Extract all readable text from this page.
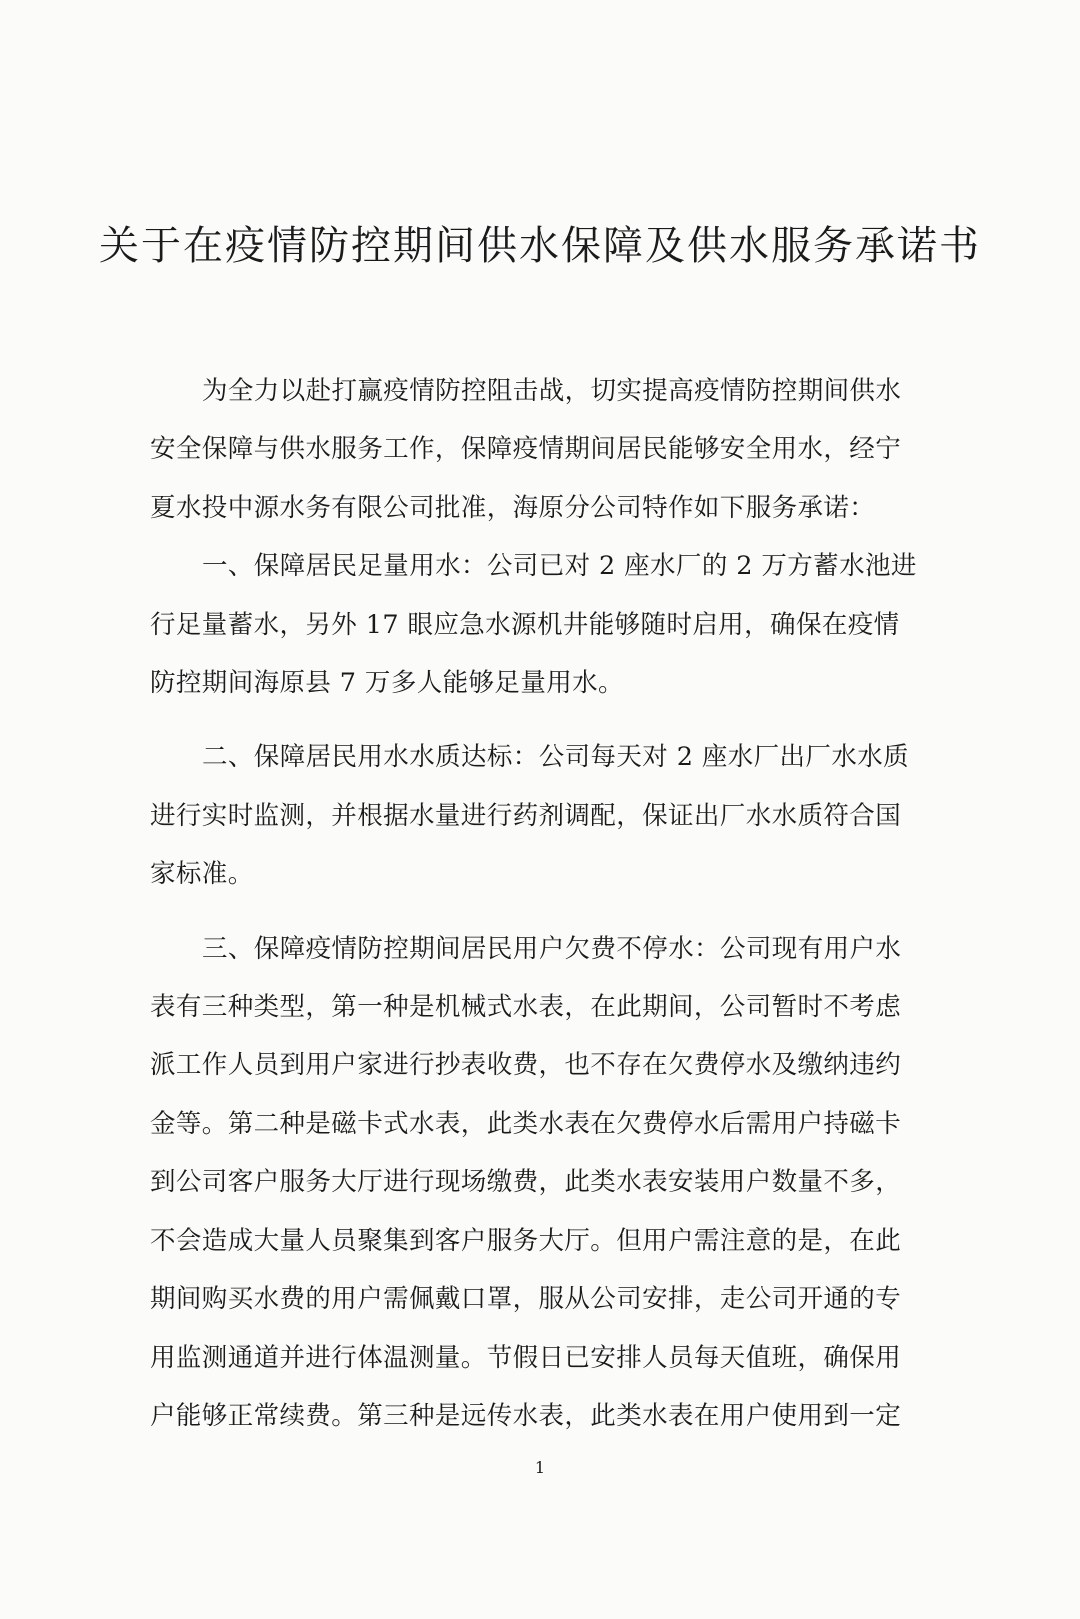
关于在疫情防控期间供水保障及供水服务承诺书

为全力以赴打赢疫情防控阻击战，切实提高疫情防控期间供水
安全保障与供水服务工作，保障疫情期间居民能够安全用水，经宁
夏水投中源水务有限公司批准，海原分公司特作如下服务承诺：

一、保障居民足量用水：公司已对 2 座水厂的 2 万方蓄水池进
行足量蓄水，另外 17 眼应急水源机井能够随时启用，确保在疫情
防控期间海原县 7 万多人能够足量用水。

二、保障居民用水水质达标：公司每天对 2 座水厂出厂水水质
进行实时监测，并根据水量进行药剂调配，保证出厂水水质符合国
家标准。

三、保障疫情防控期间居民用户欠费不停水：公司现有用户水
表有三种类型，第一种是机械式水表，在此期间，公司暂时不考虑
派工作人员到用户家进行抄表收费，也不存在欠费停水及缴纳违约
金等。第二种是磁卡式水表，此类水表在欠费停水后需用户持磁卡
到公司客户服务大厅进行现场缴费，此类水表安装用户数量不多，
不会造成大量人员聚集到客户服务大厅。但用户需注意的是，在此
期间购买水费的用户需佩戴口罩，服从公司安排，走公司开通的专
用监测通道并进行体温测量。节假日已安排人员每天值班，确保用
户能够正常续费。第三种是远传水表，此类水表在用户使用到一定

1
